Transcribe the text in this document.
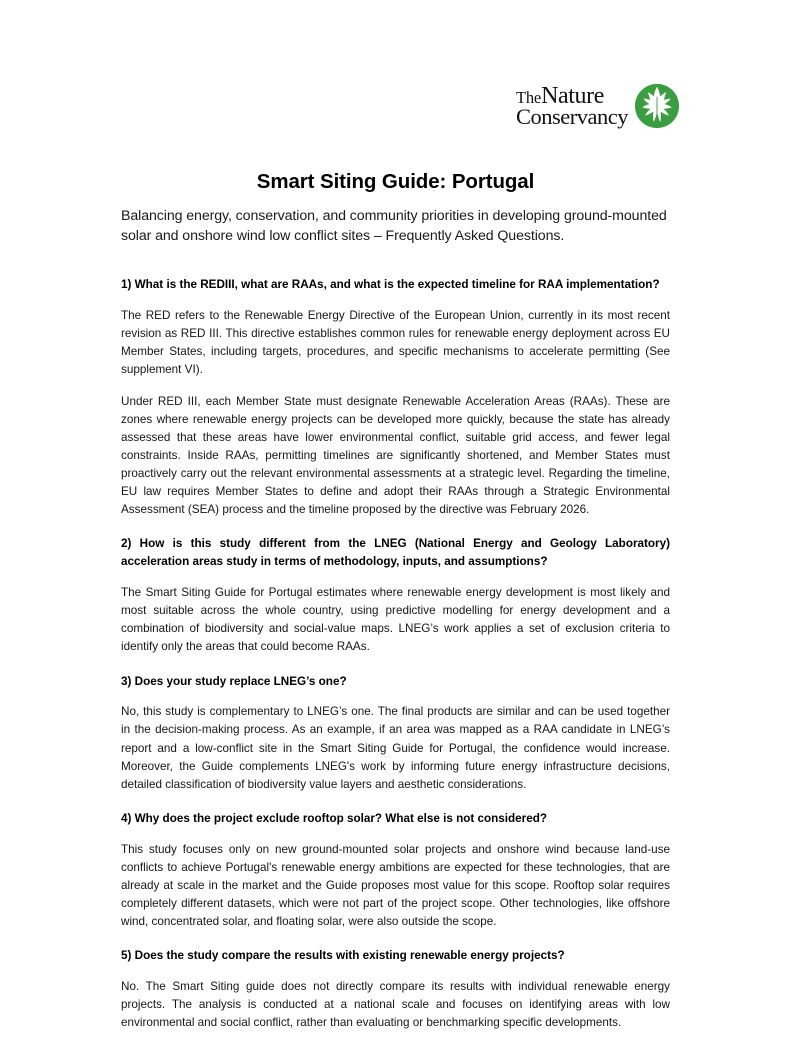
TheNature
Conservancy
Smart Siting Guide: Portugal

Balancing energy, conservation, and community priorities in developing ground-mounted solar and onshore wind low conflict sites – Frequently Asked Questions.

1) What is the REDIII, what are RAAs, and what is the expected timeline for RAA implementation?

The RED refers to the Renewable Energy Directive of the European Union, currently in its most recent revision as RED III. This directive establishes common rules for renewable energy deployment across EU Member States, including targets, procedures, and specific mechanisms to accelerate permitting (See supplement VI).

Under RED III, each Member State must designate Renewable Acceleration Areas (RAAs). These are zones where renewable energy projects can be developed more quickly, because the state has already assessed that these areas have lower environmental conflict, suitable grid access, and fewer legal constraints. Inside RAAs, permitting timelines are significantly shortened, and Member States must proactively carry out the relevant environmental assessments at a strategic level. Regarding the timeline, EU law requires Member States to define and adopt their RAAs through a Strategic Environmental Assessment (SEA) process and the timeline proposed by the directive was February 2026.

2) How is this study different from the LNEG (National Energy and Geology Laboratory) acceleration areas study in terms of methodology, inputs, and assumptions?

The Smart Siting Guide for Portugal estimates where renewable energy development is most likely and most suitable across the whole country, using predictive modelling for energy development and a combination of biodiversity and social-value maps. LNEG’s work applies a set of exclusion criteria to identify only the areas that could become RAAs.

3) Does your study replace LNEG’s one?

No, this study is complementary to LNEG’s one. The final products are similar and can be used together in the decision-making process. As an example, if an area was mapped as a RAA candidate in LNEG’s report and a low-conflict site in the Smart Siting Guide for Portugal, the confidence would increase. Moreover, the Guide complements LNEG's work by informing future energy infrastructure decisions, detailed classification of biodiversity value layers and aesthetic considerations.

4) Why does the project exclude rooftop solar? What else is not considered?

This study focuses only on new ground-mounted solar projects and onshore wind because land-use conflicts to achieve Portugal's renewable energy ambitions are expected for these technologies, that are already at scale in the market and the Guide proposes most value for this scope. Rooftop solar requires completely different datasets, which were not part of the project scope. Other technologies, like offshore wind, concentrated solar, and floating solar, were also outside the scope.

5) Does the study compare the results with existing renewable energy projects?

No. The Smart Siting guide does not directly compare its results with individual renewable energy projects. The analysis is conducted at a national scale and focuses on identifying areas with low environmental and social conflict, rather than evaluating or benchmarking specific developments.
